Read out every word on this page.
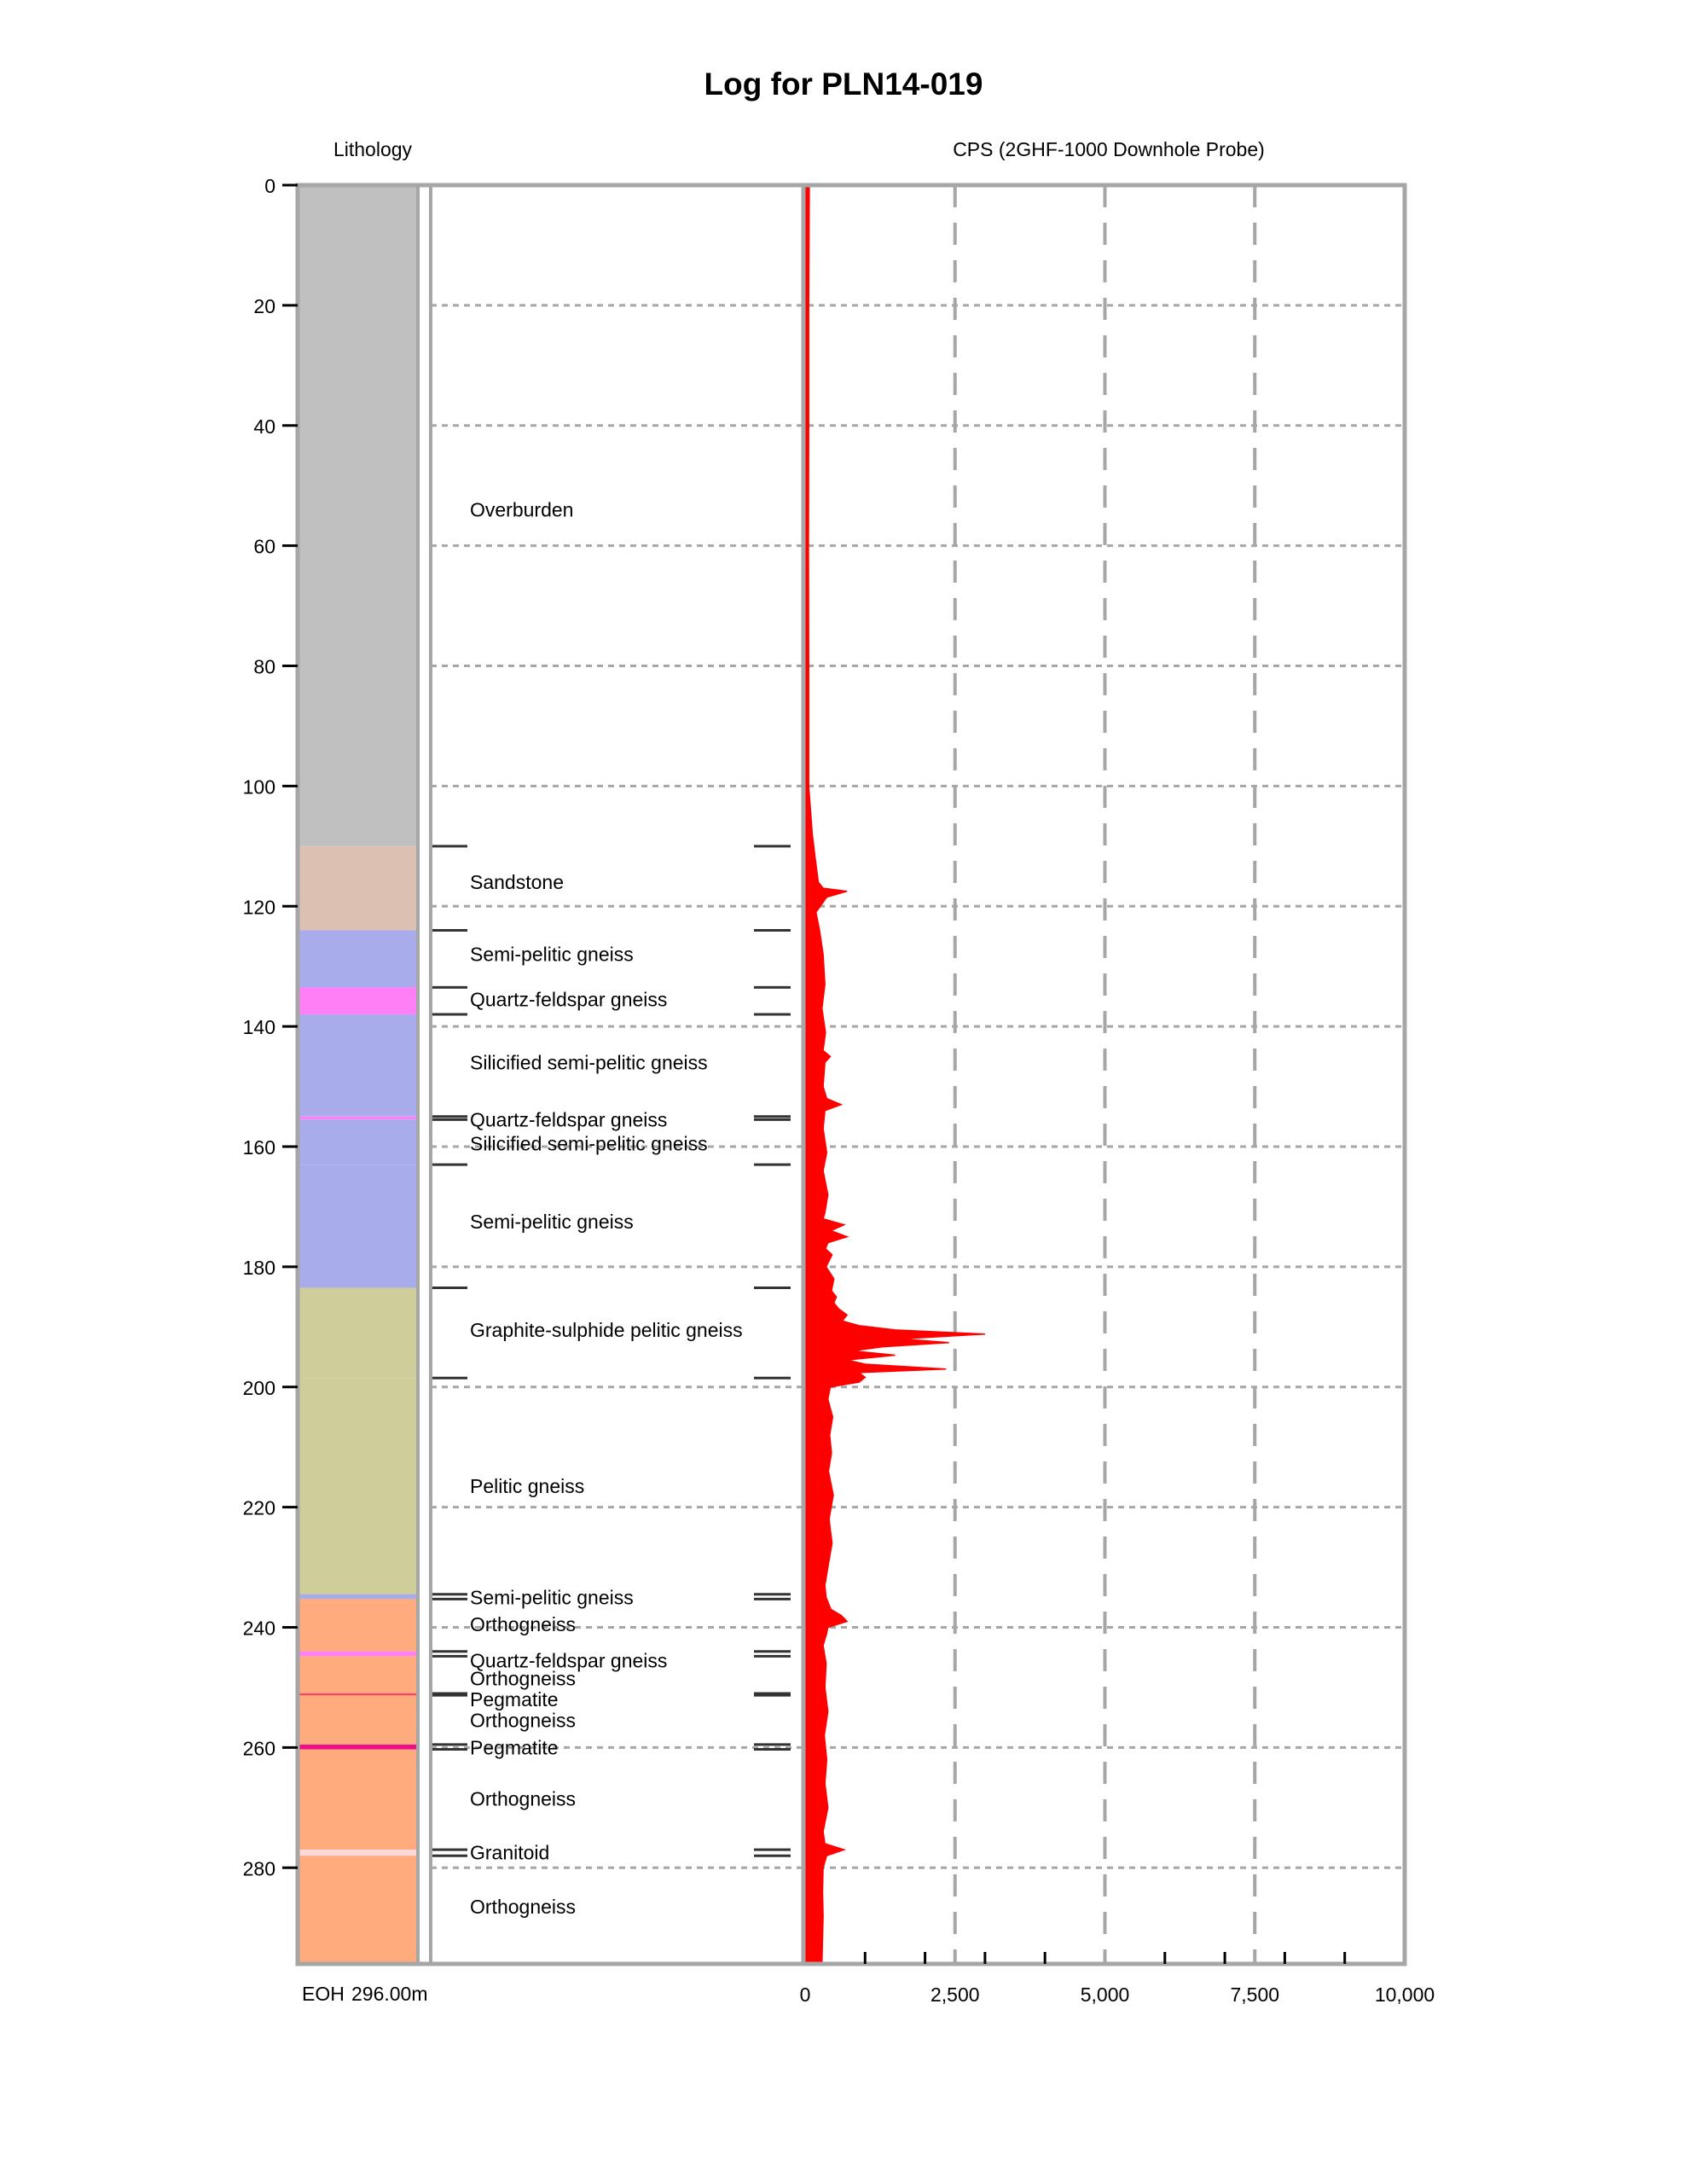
Log for PLN14-019
Lithology	CPS (2GHF-1000 Downhole Probe)
Overburden
Sandstone
Semi-pelitic gneiss
Quartz-feldspar gneiss
Silicified semi-pelitic gneiss
Quartz-feldspar gneiss
Silicified semi-pelitic gneiss
Semi-pelitic gneiss
Graphite-sulphide pelitic gneiss
Pelitic gneiss
Semi-pelitic gneiss
Orthogneiss
Quartz-feldspar gneiss
Orthogneiss
Pegmatite
Orthogneiss
Pegmatite
Orthogneiss
Granitoid
Orthogneiss
0
20
40
60
80
100
120
140
160
180
200
220
240
260
280
0	2,500	5,000	7,500	10,000
EOH 296.00m
